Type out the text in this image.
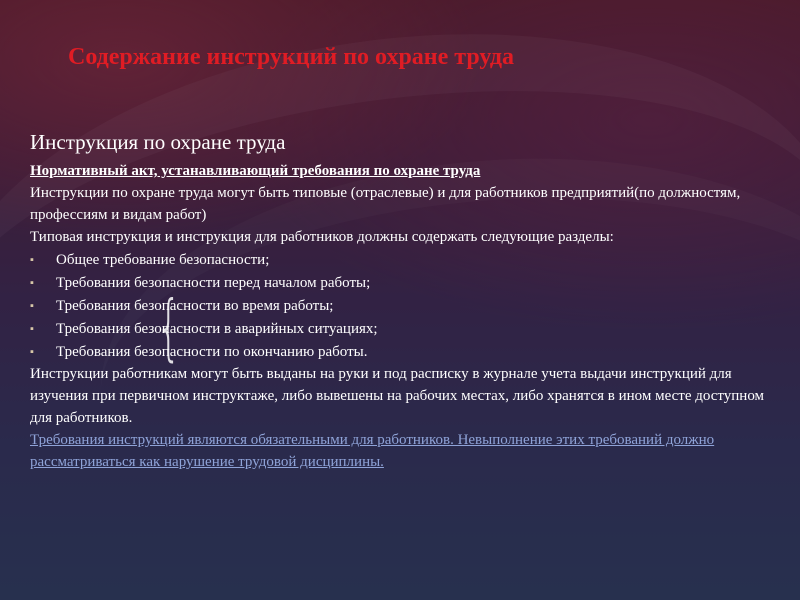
Содержание инструкций по охране труда
{
Инструкция по охране труда

Нормативный акт, устанавливающий требования по охране труда

Инструкции по охране труда могут быть типовые (отраслевые) и для работников предприятий(по должностям, профессиям и видам работ)

Типовая инструкция и инструкция для работников должны содержать следующие разделы:

▪ Общее требование безопасности;
▪ Требования безопасности перед началом работы;
▪ Требования безопасности во время работы;
▪ Требования безопасности в аварийных ситуациях;
▪ Требования безопасности по окончанию работы.

Инструкции работникам могут быть выданы на руки и под расписку в журнале учета выдачи инструкций для изучения при первичном инструктаже, либо вывешены на рабочих местах, либо хранятся в ином месте доступном для работников.

Требования инструкций являются обязательными для работников. Невыполнение этих требований должно рассматриваться как нарушение трудовой дисциплины.
